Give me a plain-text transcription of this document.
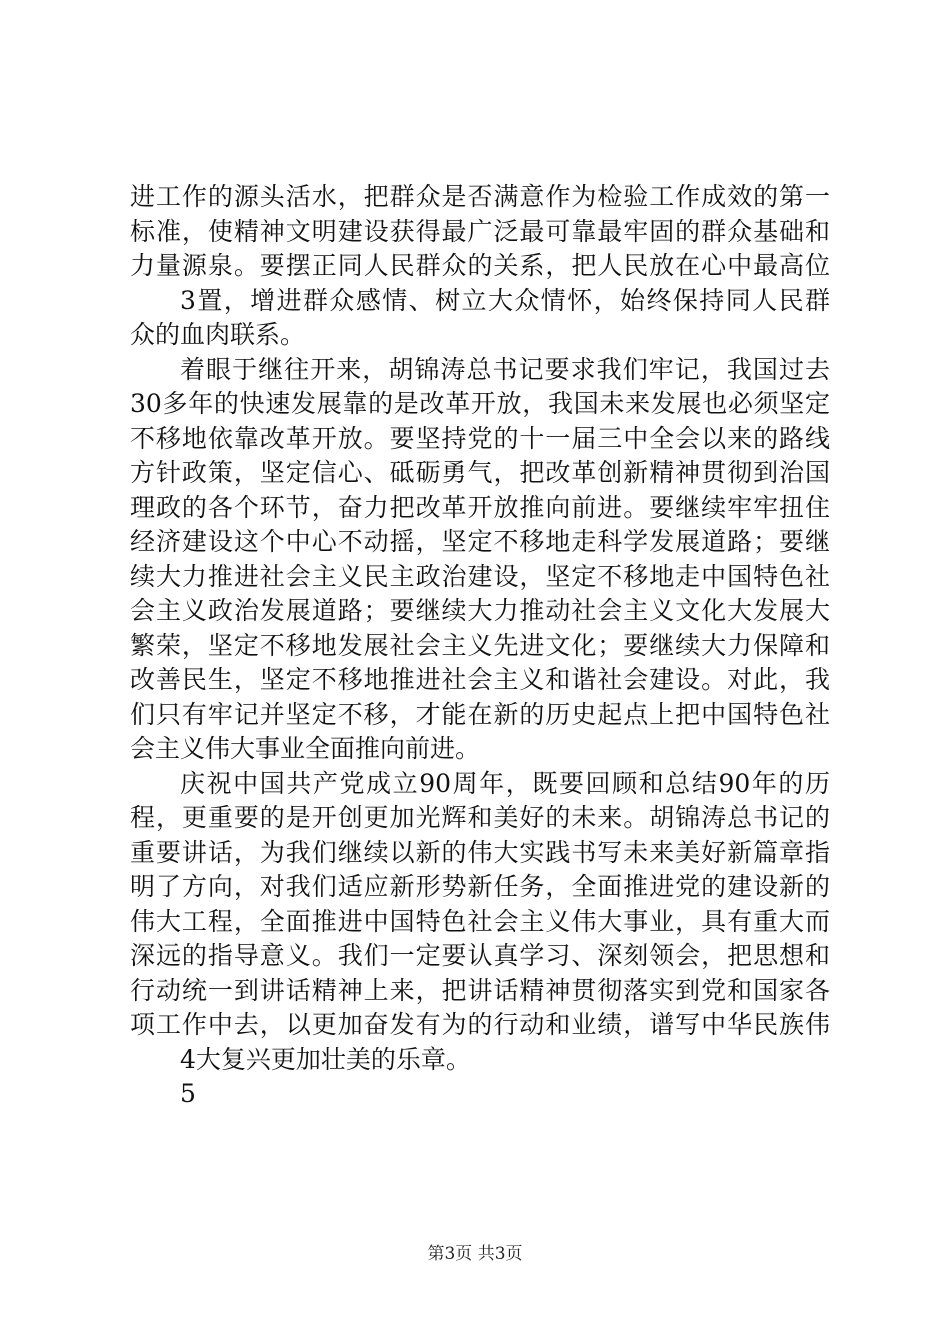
进工作的源头活水，把群众是否满意作为检验工作成效的第一
标准，使精神文明建设获得最广泛最可靠最牢固的群众基础和
力量源泉。要摆正同人民群众的关系，把人民放在心中最高位
3置，增进群众感情、树立大众情怀，始终保持同人民群
众的血肉联系。
着眼于继往开来，胡锦涛总书记要求我们牢记，我国过去
30多年的快速发展靠的是改革开放，我国未来发展也必须坚定
不移地依靠改革开放。要坚持党的十一届三中全会以来的路线
方针政策，坚定信心、砥砺勇气，把改革创新精神贯彻到治国
理政的各个环节，奋力把改革开放推向前进。要继续牢牢扭住
经济建设这个中心不动摇，坚定不移地走科学发展道路；要继
续大力推进社会主义民主政治建设，坚定不移地走中国特色社
会主义政治发展道路；要继续大力推动社会主义文化大发展大
繁荣，坚定不移地发展社会主义先进文化；要继续大力保障和
改善民生，坚定不移地推进社会主义和谐社会建设。对此，我
们只有牢记并坚定不移，才能在新的历史起点上把中国特色社
会主义伟大事业全面推向前进。
庆祝中国共产党成立90周年，既要回顾和总结90年的历
程，更重要的是开创更加光辉和美好的未来。胡锦涛总书记的
重要讲话，为我们继续以新的伟大实践书写未来美好新篇章指
明了方向，对我们适应新形势新任务，全面推进党的建设新的
伟大工程，全面推进中国特色社会主义伟大事业，具有重大而
深远的指导意义。我们一定要认真学习、深刻领会，把思想和
行动统一到讲话精神上来，把讲话精神贯彻落实到党和国家各
项工作中去，以更加奋发有为的行动和业绩，谱写中华民族伟
4大复兴更加壮美的乐章。
5
第3页 共3页
